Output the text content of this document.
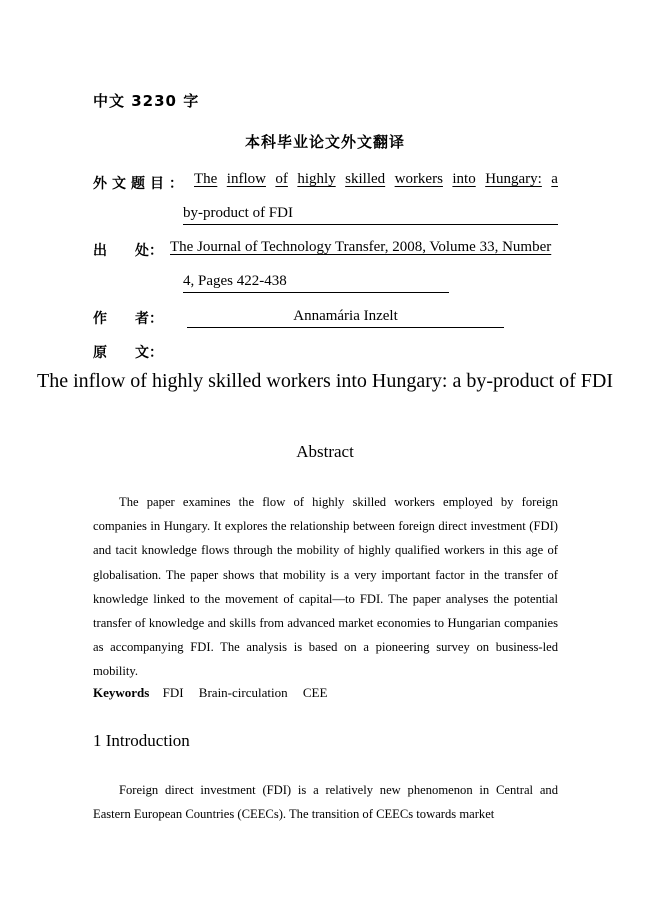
中文 3230 字
本科毕业论文外文翻译
外文题目： The inflow of highly skilled workers into Hungary: a
by-product of FDI
出　　处： The Journal of Technology Transfer, 2008, Volume 33, Number
4, Pages 422-438
作　　者：	Annamária Inzelt
原　　文：
The inflow of highly skilled workers into Hungary: a by-product of FDI
Abstract
The paper examines the flow of highly skilled workers employed by foreign companies in Hungary. It explores the relationship between foreign direct investment (FDI) and tacit knowledge flows through the mobility of highly qualified workers in this age of globalisation. The paper shows that mobility is a very important factor in the transfer of knowledge linked to the movement of capital—to FDI. The paper analyses the potential transfer of knowledge and skills from advanced market economies to Hungarian companies as accompanying FDI. The analysis is based on a pioneering survey on business-led mobility.
Keywords FDI Brain-circulation CEE
1 Introduction
Foreign direct investment (FDI) is a relatively new phenomenon in Central and Eastern European Countries (CEECs). The transition of CEECs towards market
